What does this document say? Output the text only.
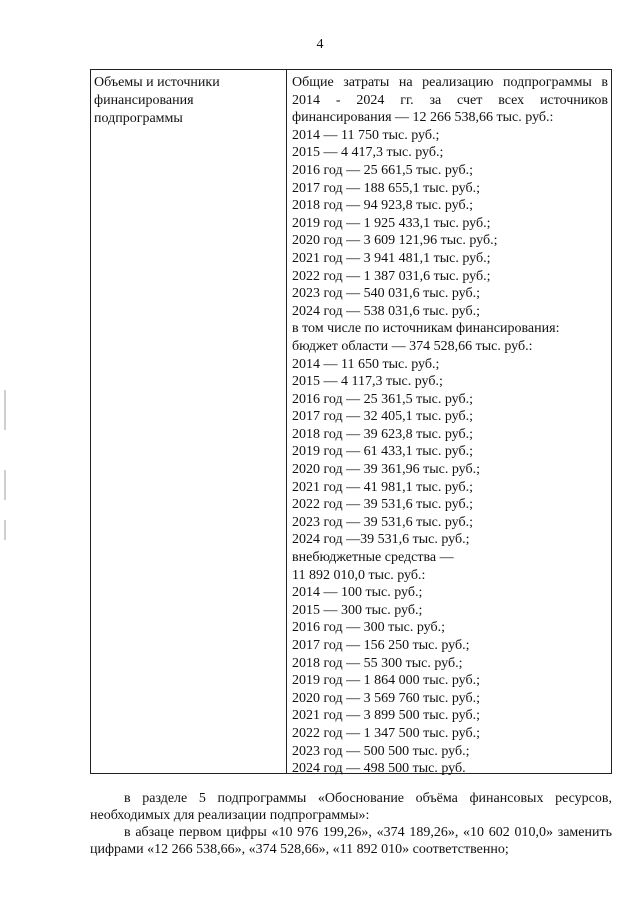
4
Объемы и источники финансирования подпрограммы

Общие затраты на реализацию подпрограммы в 2014 - 2024 гг. за счет всех источников финансирования — 12 266 538,66 тыс. руб.:

2014 — 11 750 тыс. руб.;
2015 — 4 417,3 тыс. руб.;
2016 год — 25 661,5 тыс. руб.;
2017 год — 188 655,1 тыс. руб.;
2018 год — 94 923,8 тыс. руб.;
2019 год — 1 925 433,1 тыс. руб.;
2020 год — 3 609 121,96 тыс. руб.;
2021 год — 3 941 481,1 тыс. руб.;
2022 год — 1 387 031,6 тыс. руб.;
2023 год — 540 031,6 тыс. руб.;
2024 год — 538 031,6 тыс. руб.;
в том числе по источникам финансирования:
бюджет области — 374 528,66 тыс. руб.:
2014 — 11 650 тыс. руб.;
2015 — 4 117,3 тыс. руб.;
2016 год — 25 361,5 тыс. руб.;
2017 год — 32 405,1 тыс. руб.;
2018 год — 39 623,8 тыс. руб.;
2019 год — 61 433,1 тыс. руб.;
2020 год — 39 361,96 тыс. руб.;
2021 год — 41 981,1 тыс. руб.;
2022 год — 39 531,6 тыс. руб.;
2023 год — 39 531,6 тыс. руб.;
2024 год —39 531,6 тыс. руб.;
внебюджетные средства —
11 892 010,0 тыс. руб.:
2014 — 100 тыс. руб.;
2015 — 300 тыс. руб.;
2016 год — 300 тыс. руб.;
2017 год — 156 250 тыс. руб.;
2018 год — 55 300 тыс. руб.;
2019 год — 1 864 000 тыс. руб.;
2020 год — 3 569 760 тыс. руб.;
2021 год — 3 899 500 тыс. руб.;
2022 год — 1 347 500 тыс. руб.;
2023 год — 500 500 тыс. руб.;
2024 год — 498 500 тыс. руб.

в разделе 5 подпрограммы «Обоснование объёма финансовых ресурсов, необходимых для реализации подпрограммы»:

в абзаце первом цифры «10 976 199,26», «374 189,26», «10 602 010,0» заменить цифрами «12 266 538,66», «374 528,66», «11 892 010» соответственно;
